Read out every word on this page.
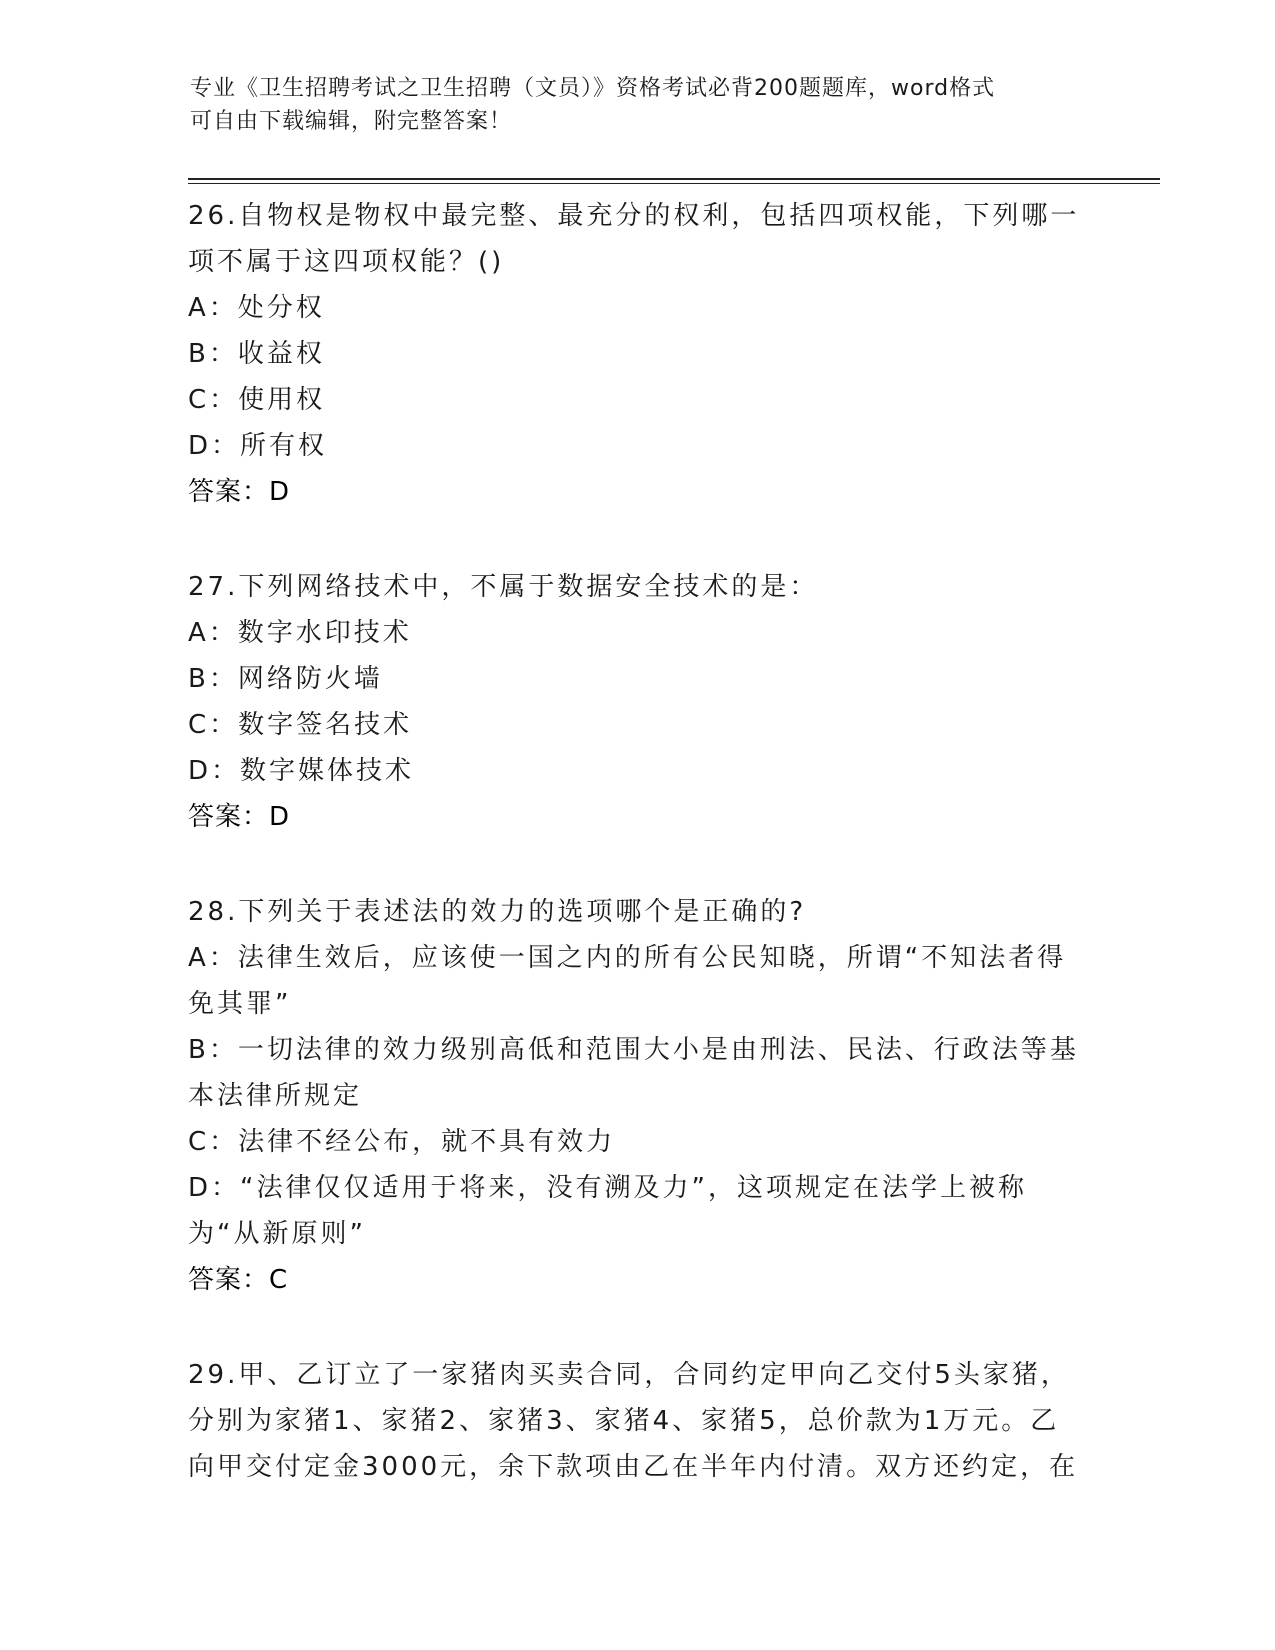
专业《卫生招聘考试之卫生招聘（文员）》资格考试必背200题题库，word格式
可自由下载编辑，附完整答案！
26.自物权是物权中最完整、最充分的权利，包括四项权能，下列哪一项不属于这四项权能？()
A：处分权
B：收益权
C：使用权
D：所有权
答案：D
27.下列网络技术中，不属于数据安全技术的是：
A：数字水印技术
B：网络防火墙
C：数字签名技术
D：数字媒体技术
答案：D
28.下列关于表述法的效力的选项哪个是正确的?
A：法律生效后，应该使一国之内的所有公民知晓，所谓“不知法者得免其罪”
B：一切法律的效力级别高低和范围大小是由刑法、民法、行政法等基本法律所规定
C：法律不经公布，就不具有效力
D：“法律仅仅适用于将来，没有溯及力”，这项规定在法学上被称为“从新原则”
答案：C
29.甲、乙订立了一家猪肉买卖合同，合同约定甲向乙交付5头家猪，分别为家猪1、家猪2、家猪3、家猪4、家猪5，总价款为1万元。乙向甲交付定金3000元，余下款项由乙在半年内付清。双方还约定，在
